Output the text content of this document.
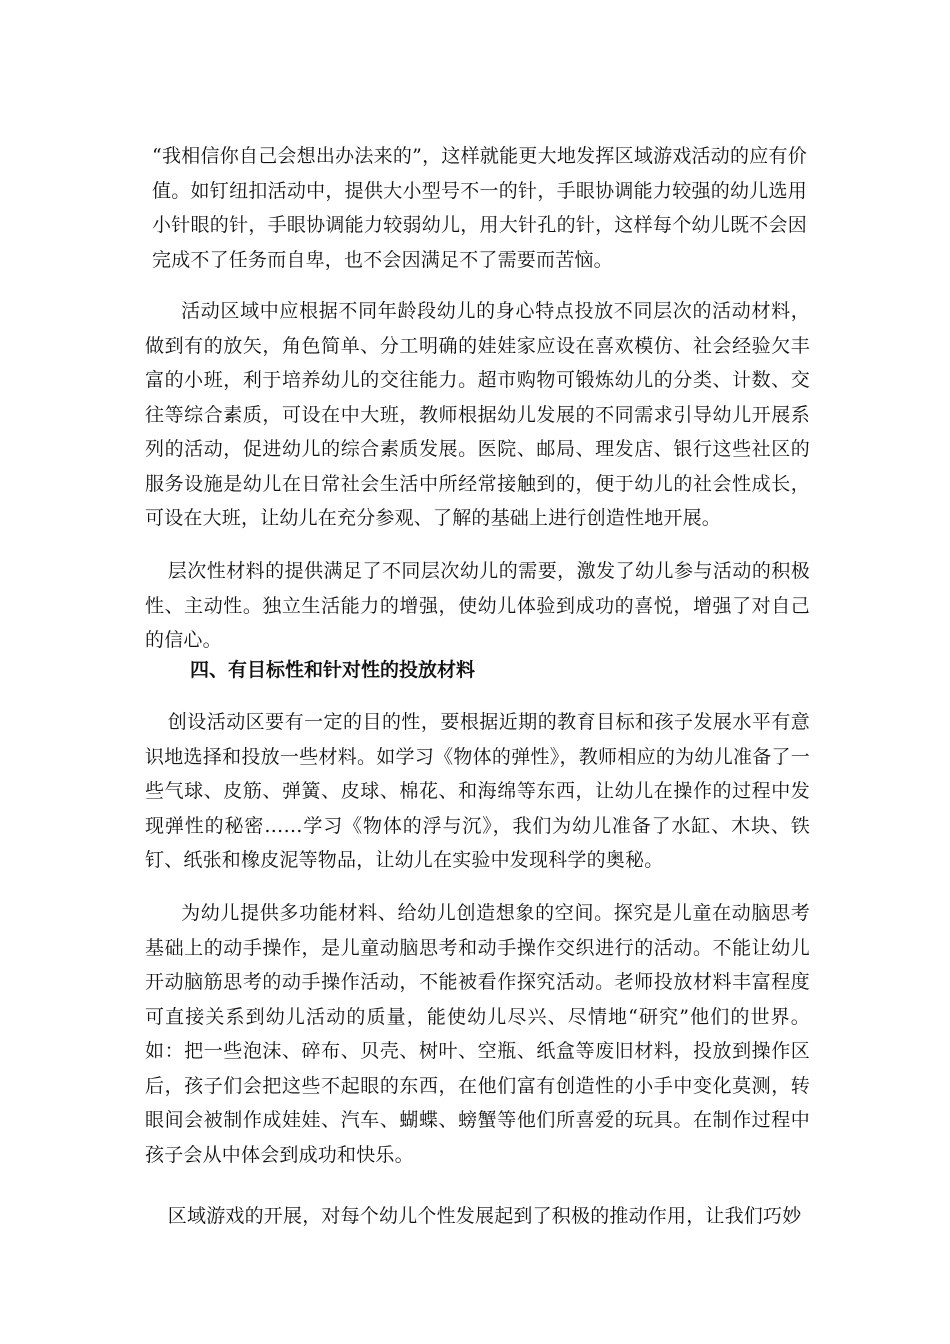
“我相信你自己会想出办法来的”，这样就能更大地发挥区域游戏活动的应有价值。如钉纽扣活动中，提供大小型号不一的针，手眼协调能力较强的幼儿选用小针眼的针，手眼协调能力较弱幼儿，用大针孔的针，这样每个幼儿既不会因完成不了任务而自卑，也不会因满足不了需要而苦恼。

活动区域中应根据不同年龄段幼儿的身心特点投放不同层次的活动材料，做到有的放矢，角色简单、分工明确的娃娃家应设在喜欢模仿、社会经验欠丰富的小班，利于培养幼儿的交往能力。超市购物可锻炼幼儿的分类、计数、交往等综合素质，可设在中大班，教师根据幼儿发展的不同需求引导幼儿开展系列的活动，促进幼儿的综合素质发展。医院、邮局、理发店、银行这些社区的服务设施是幼儿在日常社会生活中所经常接触到的，便于幼儿的社会性成长，可设在大班，让幼儿在充分参观、了解的基础上进行创造性地开展。

层次性材料的提供满足了不同层次幼儿的需要，激发了幼儿参与活动的积极性、主动性。独立生活能力的增强，使幼儿体验到成功的喜悦，增强了对自己的信心。

四、有目标性和针对性的投放材料

创设活动区要有一定的目的性，要根据近期的教育目标和孩子发展水平有意识地选择和投放一些材料。如学习《物体的弹性》，教师相应的为幼儿准备了一些气球、皮筋、弹簧、皮球、棉花、和海绵等东西，让幼儿在操作的过程中发现弹性的秘密……学习《物体的浮与沉》，我们为幼儿准备了水缸、木块、铁钉、纸张和橡皮泥等物品，让幼儿在实验中发现科学的奥秘。

为幼儿提供多功能材料、给幼儿创造想象的空间。探究是儿童在动脑思考基础上的动手操作，是儿童动脑思考和动手操作交织进行的活动。不能让幼儿开动脑筋思考的动手操作活动，不能被看作探究活动。老师投放材料丰富程度可直接关系到幼儿活动的质量，能使幼儿尽兴、尽情地“研究”他们的世界。如：把一些泡沫、碎布、贝壳、树叶、空瓶、纸盒等废旧材料，投放到操作区后，孩子们会把这些不起眼的东西，在他们富有创造性的小手中变化莫测，转眼间会被制作成娃娃、汽车、蝴蝶、螃蟹等他们所喜爱的玩具。在制作过程中孩子会从中体会到成功和快乐。

区域游戏的开展，对每个幼儿个性发展起到了积极的推动作用，让我们巧妙
